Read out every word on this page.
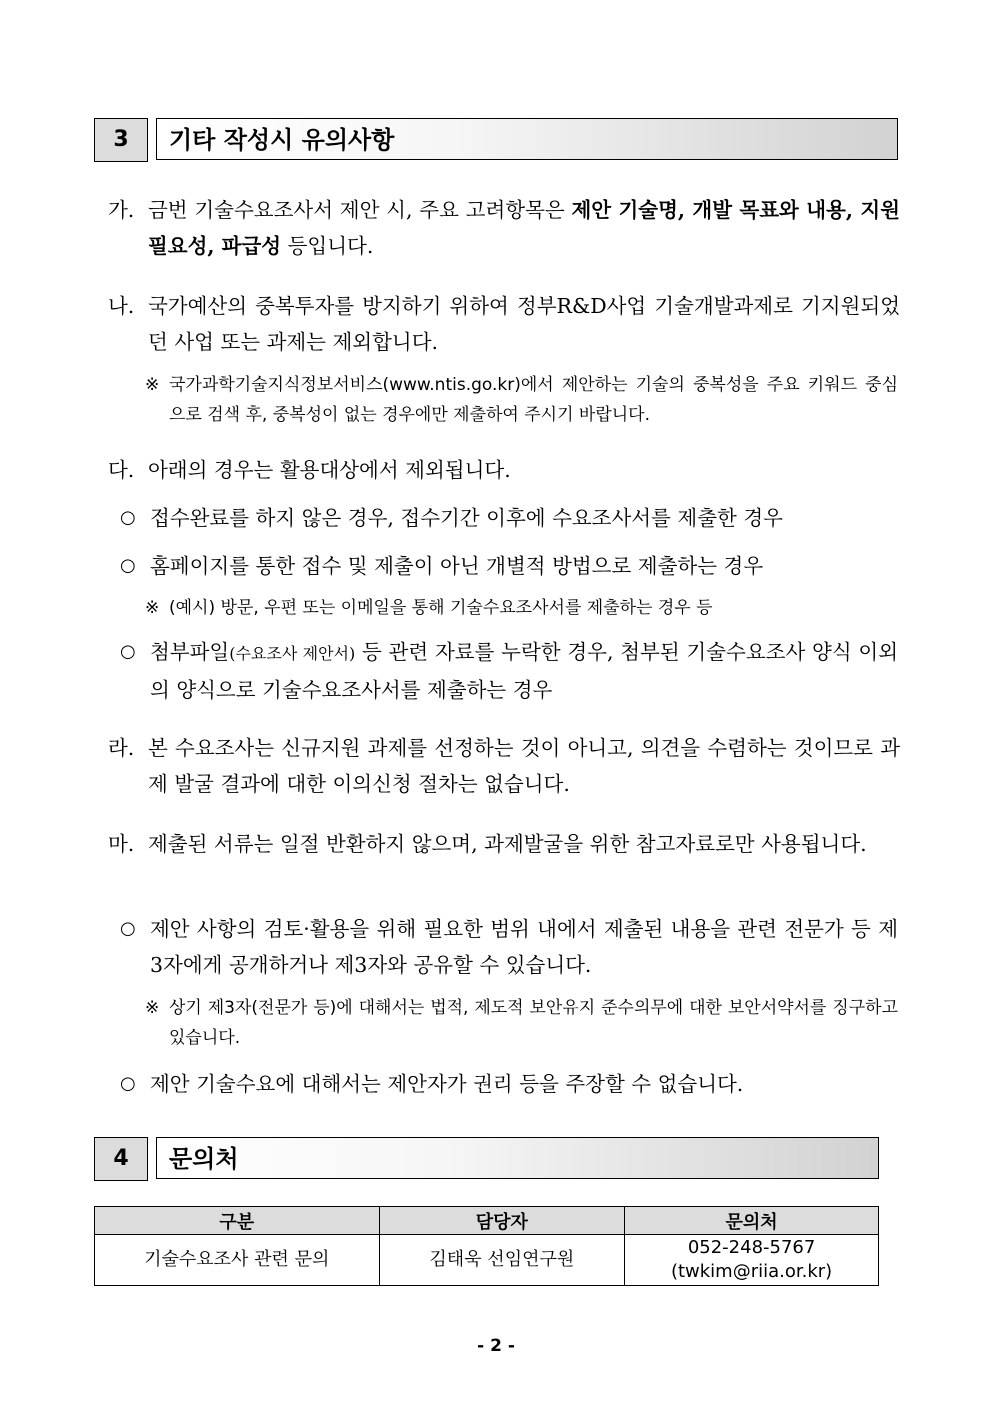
3	기타 작성시 유의사항
가. 금번 기술수요조사서 제안 시, 주요 고려항목은 제안 기술명, 개발 목표와 내용, 지원 필요성, 파급성 등입니다.
나. 국가예산의 중복투자를 방지하기 위하여 정부R&D사업 기술개발과제로 기지원되었던 사업 또는 과제는 제외합니다.
※ 국가과학기술지식정보서비스(www.ntis.go.kr)에서 제안하는 기술의 중복성을 주요 키워드 중심으로 검색 후, 중복성이 없는 경우에만 제출하여 주시기 바랍니다.
다. 아래의 경우는 활용대상에서 제외됩니다.
○ 접수완료를 하지 않은 경우, 접수기간 이후에 수요조사서를 제출한 경우
○ 홈페이지를 통한 접수 및 제출이 아닌 개별적 방법으로 제출하는 경우
※ (예시) 방문, 우편 또는 이메일을 통해 기술수요조사서를 제출하는 경우 등
○ 첨부파일(수요조사 제안서) 등 관련 자료를 누락한 경우, 첨부된 기술수요조사 양식 이외의 양식으로 기술수요조사서를 제출하는 경우
라. 본 수요조사는 신규지원 과제를 선정하는 것이 아니고, 의견을 수렴하는 것이므로 과제 발굴 결과에 대한 이의신청 절차는 없습니다.
마. 제출된 서류는 일절 반환하지 않으며, 과제발굴을 위한 참고자료로만 사용됩니다.
○ 제안 사항의 검토·활용을 위해 필요한 범위 내에서 제출된 내용을 관련 전문가 등 제3자에게 공개하거나 제3자와 공유할 수 있습니다.
※ 상기 제3자(전문가 등)에 대해서는 법적, 제도적 보안유지 준수의무에 대한 보안서약서를 징구하고 있습니다.
○ 제안 기술수요에 대해서는 제안자가 권리 등을 주장할 수 없습니다.
4	문의처
구분	담당자	문의처
기술수요조사 관련 문의	김태욱 선임연구원	052-248-5767
(twkim@riia.or.kr)
- 2 -
